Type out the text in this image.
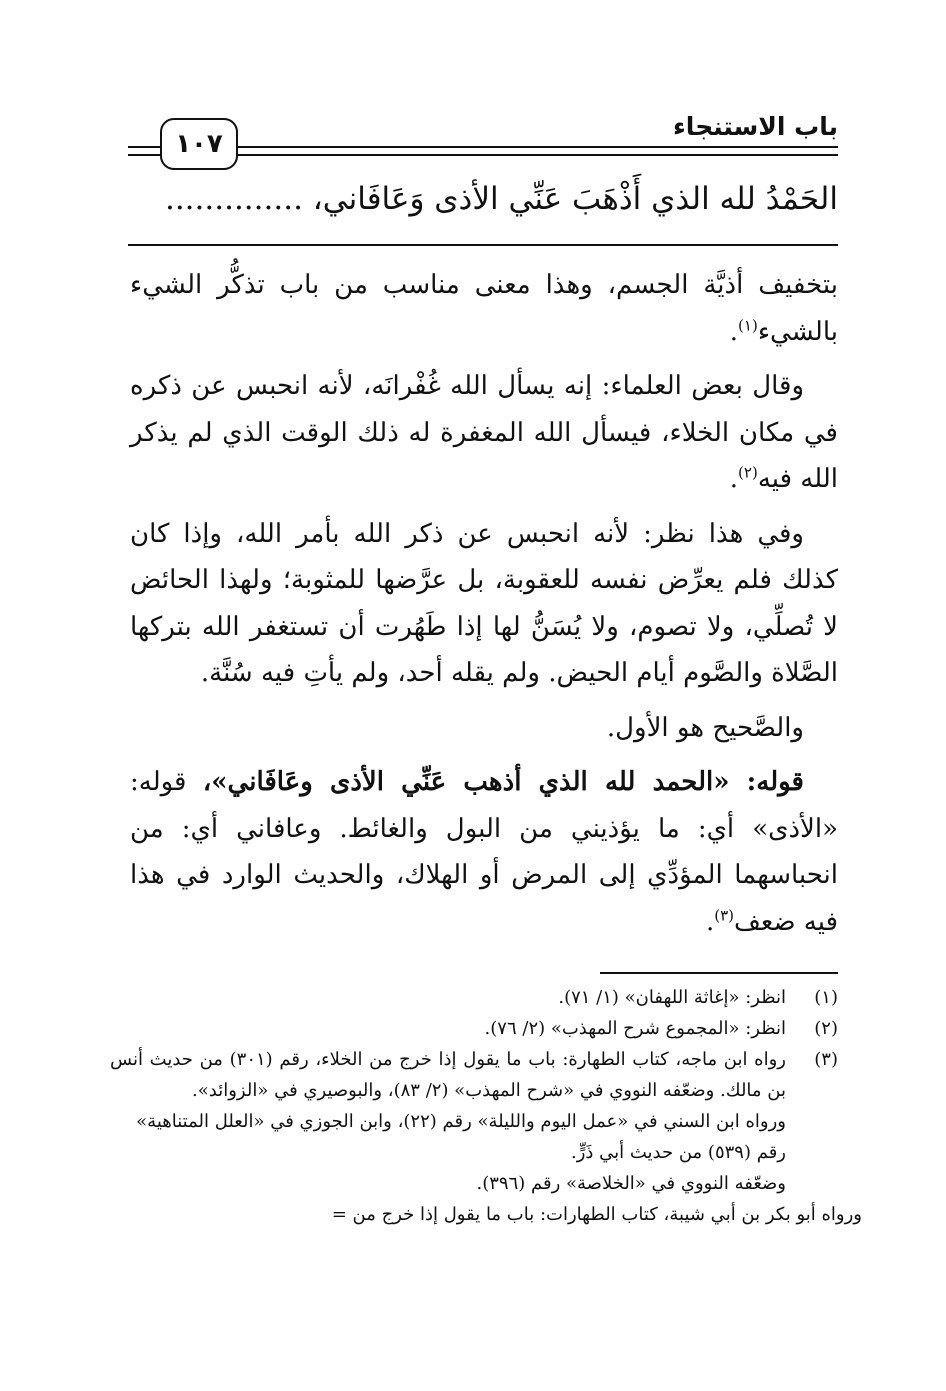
باب الاستنجاء
١٠٧
الحَمْدُ لله الذي أَذْهَبَ عَنِّي الأذى وَعَافَاني، ..............

بتخفيف أذيَّة الجسم، وهذا معنى مناسب من باب تذكُّر الشيء بالشيء$^{(١)}$.

وقال بعض العلماء: إنه يسأل الله غُفْرانَه، لأنه انحبس عن ذكره في مكان الخلاء، فيسأل الله المغفرة له ذلك الوقت الذي لم يذكر الله فيه$^{(٢)}$.

وفي هذا نظر: لأنه انحبس عن ذكر الله بأمر الله، وإذا كان كذلك فلم يعرِّض نفسه للعقوبة، بل عرَّضها للمثوبة؛ ولهذا الحائض لا تُصلِّي، ولا تصوم، ولا يُسَنُّ لها إذا طَهُرت أن تستغفر الله بتركها الصَّلاة والصَّوم أيام الحيض. ولم يقله أحد، ولم يأتِ فيه سُنَّة.

والصَّحيح هو الأول.

قوله: «الحمد لله الذي أذهب عَنِّي الأذى وعَافَاني»، قوله: «الأذى» أي: ما يؤذيني من البول والغائط. وعافاني أي: من انحباسهما المؤدِّي إلى المرض أو الهلاك، والحديث الوارد في هذا فيه ضعف$^{(٣)}$.

(١)
انظر: «إغاثة اللهفان» (١/ ٧١).
(٢)
انظر: «المجموع شرح المهذب» (٢/ ٧٦).
(٣)
رواه ابن ماجه، كتاب الطهارة: باب ما يقول إذا خرج من الخلاء، رقم (٣٠١) من حديث أنس بن مالك. وضعّفه النووي في «شرح المهذب» (٢/ ٨٣)، والبوصيري في «الزوائد».
ورواه ابن السني في «عمل اليوم والليلة» رقم (٢٢)، وابن الجوزي في «العلل المتناهية» رقم (٥٣٩) من حديث أبي ذَرٍّ.
وضعّفه النووي في «الخلاصة» رقم (٣٩٦).
ورواه أبو بكر بن أبي شيبة، كتاب الطهارات: باب ما يقول إذا خرج من =
